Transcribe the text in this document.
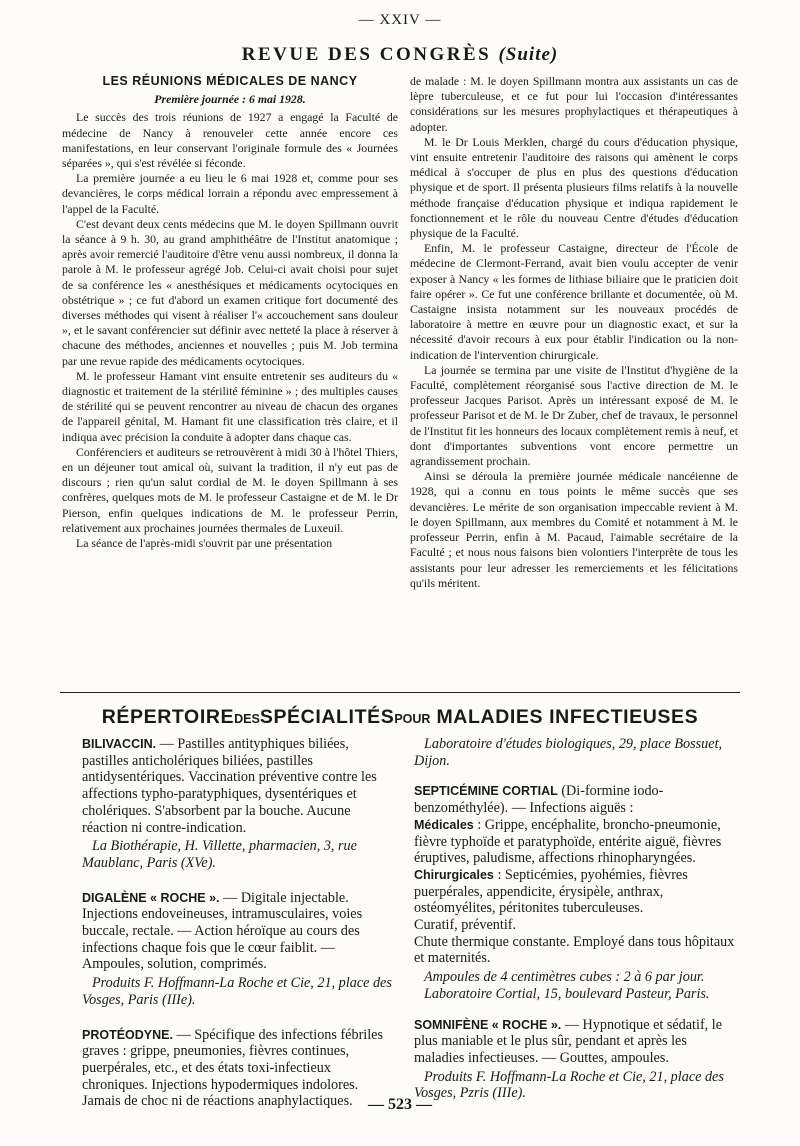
— XXIV —
REVUE DES CONGRÈS (Suite)
LES RÉUNIONS MÉDICALES DE NANCY
Première journée : 6 mai 1928.

Le succès des trois réunions de 1927 a engagé la Faculté de médecine de Nancy à renouveler cette année encore ces manifestations, en leur conservant l'originale formule des « Journées séparées », qui s'est révélée si féconde.

La première journée a eu lieu le 6 mai 1928 et, comme pour ses devancières, le corps médical lorrain a répondu avec empressement à l'appel de la Faculté.

C'est devant deux cents médecins que M. le doyen Spillmann ouvrit la séance à 9 h. 30, au grand amphithéâtre de l'Institut anatomique ; après avoir remercié l'auditoire d'être venu aussi nombreux, il donna la parole à M. le professeur agrégé Job. Celui-ci avait choisi pour sujet de sa conférence les « anesthésiques et médicaments ocytociques en obstétrique » ; ce fut d'abord un examen critique fort documenté des diverses méthodes qui visent à réaliser l'« accouchement sans douleur », et le savant conférencier sut définir avec netteté la place à réserver à chacune des méthodes, anciennes et nouvelles ; puis M. Job termina par une revue rapide des médicaments ocytociques.

M. le professeur Hamant vint ensuite entretenir ses auditeurs du « diagnostic et traitement de la stérilité féminine » ; des multiples causes de stérilité qui se peuvent rencontrer au niveau de chacun des organes de l'appareil génital, M. Hamant fit une classification très claire, et il indiqua avec précision la conduite à adopter dans chaque cas.

Conférenciers et auditeurs se retrouvèrent à midi 30 à l'hôtel Thiers, en un déjeuner tout amical où, suivant la tradition, il n'y eut pas de discours ; rien qu'un salut cordial de M. le doyen Spillmann à ses confrères, quelques mots de M. le professeur Castaigne et de M. le Dr Pierson, enfin quelques indications de M. le professeur Perrin, relativement aux prochaines journées thermales de Luxeuil.

La séance de l'après-midi s'ouvrit par une présentation

de malade : M. le doyen Spillmann montra aux assistants un cas de lèpre tuberculeuse, et ce fut pour lui l'occasion d'intéressantes considérations sur les mesures prophylactiques et thérapeutiques à adopter.

M. le Dr Louis Merklen, chargé du cours d'éducation physique, vint ensuite entretenir l'auditoire des raisons qui amènent le corps médical à s'occuper de plus en plus des questions d'éducation physique et de sport. Il présenta plusieurs films relatifs à la nouvelle méthode française d'éducation physique et indiqua rapidement le fonctionnement et le rôle du nouveau Centre d'études d'éducation physique de la Faculté.

Enfin, M. le professeur Castaigne, directeur de l'École de médecine de Clermont-Ferrand, avait bien voulu accepter de venir exposer à Nancy « les formes de lithiase biliaire que le praticien doit faire opérer ». Ce fut une conférence brillante et documentée, où M. Castaigne insista notamment sur les nouveaux procédés de laboratoire à mettre en œuvre pour un diagnostic exact, et sur la nécessité d'avoir recours à eux pour établir l'indication ou la non-indication de l'intervention chirurgicale.

La journée se termina par une visite de l'Institut d'hygiène de la Faculté, complètement réorganisé sous l'active direction de M. le professeur Jacques Parisot. Après un intéressant exposé de M. le professeur Parisot et de M. le Dr Zuber, chef de travaux, le personnel de l'Institut fit les honneurs des locaux complètement remis à neuf, et dont d'importantes subventions vont encore permettre un agrandissement prochain.

Ainsi se déroula la première journée médicale nancéienne de 1928, qui a connu en tous points le même succès que ses devancières. Le mérite de son organisation impeccable revient à M. le doyen Spillmann, aux membres du Comité et notamment à M. le professeur Perrin, enfin à M. Pacaud, l'aimable secrétaire de la Faculté ; et nous nous faisons bien volontiers l'interprète de tous les assistants pour leur adresser les remerciements et les félicitations qu'ils méritent.

RÉPERTOIREDESSPÉCIALITÉSPOUR MALADIES INFECTIEUSES

BILIVACCIN. — Pastilles antityphiques biliées, pastilles anticholériques biliées, pastilles antidysentériques. Vaccination préventive contre les affections typho-paratyphiques, dysentériques et cholériques. S'absorbent par la bouche. Aucune réaction ni contre-indication.

La Biothérapie, H. Villette, pharmacien, 3, rue Maublanc, Paris (XVe).

DIGALÈNE « ROCHE ». — Digitale injectable. Injections endoveineuses, intramusculaires, voies buccale, rectale. — Action héroïque au cours des infections chaque fois que le cœur faiblit. — Ampoules, solution, comprimés.

Produits F. Hoffmann-La Roche et Cie, 21, place des Vosges, Paris (IIIe).

PROTÉODYNE. — Spécifique des infections fébriles graves : grippe, pneumonies, fièvres continues, puerpérales, etc., et des états toxi-infectieux chroniques. Injections hypodermiques indolores. Jamais de choc ni de réactions anaphylactiques.

Laboratoire d'études biologiques, 29, place Bossuet, Dijon.

SEPTICÉMINE CORTIAL (Di-formine iodo-benzométhylée). — Infections aiguës :

Médicales : Grippe, encéphalite, broncho-pneumonie, fièvre typhoïde et paratyphoïde, entérite aiguë, fièvres éruptives, paludisme, affections rhinopharyngées.

Chirurgicales : Septicémies, pyohémies, fièvres puerpérales, appendicite, érysipèle, anthrax, ostéomyélites, péritonites tuberculeuses.

Curatif, préventif.

Chute thermique constante. Employé dans tous hôpitaux et maternités.

Ampoules de 4 centimètres cubes : 2 à 6 par jour.

Laboratoire Cortial, 15, boulevard Pasteur, Paris.

SOMNIFÈNE « ROCHE ». — Hypnotique et sédatif, le plus maniable et le plus sûr, pendant et après les maladies infectieuses. — Gouttes, ampoules.

Produits F. Hoffmann-La Roche et Cie, 21, place des Vosges, Pzris (IIIe).

— 523 —
